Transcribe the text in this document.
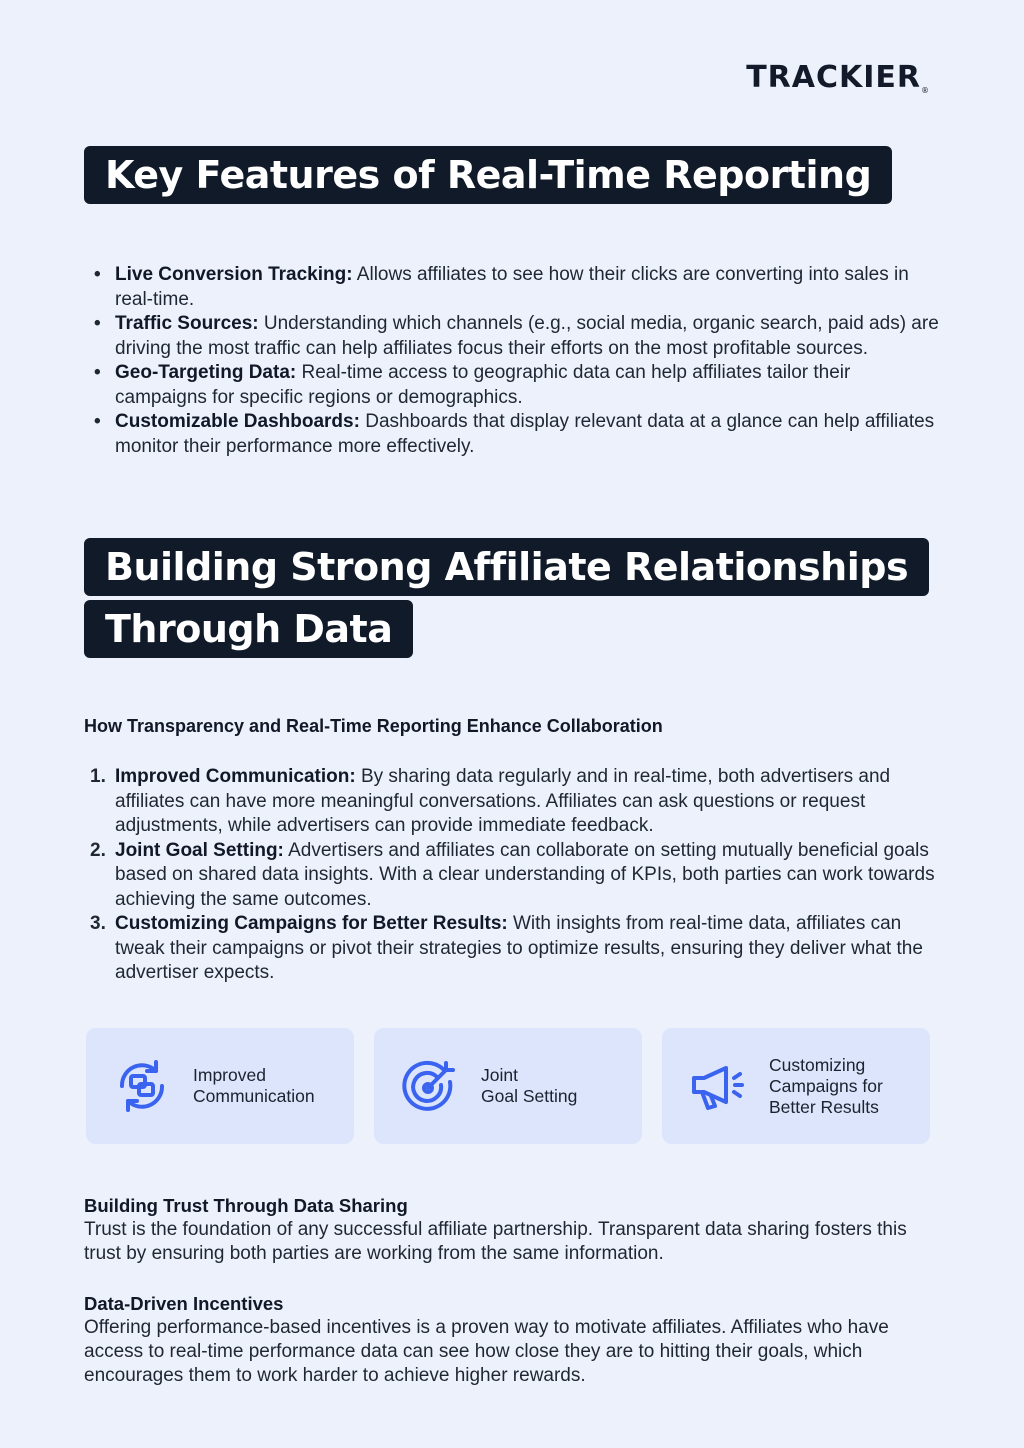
TRACKIER®
Key Features of Real-Time Reporting
• Live Conversion Tracking: Allows affiliates to see how their clicks are converting into sales in real-time.
• Traffic Sources: Understanding which channels (e.g., social media, organic search, paid ads) are driving the most traffic can help affiliates focus their efforts on the most profitable sources.
• Geo-Targeting Data: Real-time access to geographic data can help affiliates tailor their campaigns for specific regions or demographics.
• Customizable Dashboards: Dashboards that display relevant data at a glance can help affiliates monitor their performance more effectively.
Building Strong Affiliate Relationships
Through Data
How Transparency and Real-Time Reporting Enhance Collaboration
1. Improved Communication: By sharing data regularly and in real-time, both advertisers and affiliates can have more meaningful conversations. Affiliates can ask questions or request adjustments, while advertisers can provide immediate feedback.
2. Joint Goal Setting: Advertisers and affiliates can collaborate on setting mutually beneficial goals based on shared data insights. With a clear understanding of KPIs, both parties can work towards achieving the same outcomes.
3. Customizing Campaigns for Better Results: With insights from real-time data, affiliates can tweak their campaigns or pivot their strategies to optimize results, ensuring they deliver what the advertiser expects.
Improved
Communication
Joint
Goal Setting
Customizing
Campaigns for
Better Results
Building Trust Through Data Sharing
Trust is the foundation of any successful affiliate partnership. Transparent data sharing fosters this trust by ensuring both parties are working from the same information.
Data-Driven Incentives
Offering performance-based incentives is a proven way to motivate affiliates. Affiliates who have access to real-time performance data can see how close they are to hitting their goals, which encourages them to work harder to achieve higher rewards.
